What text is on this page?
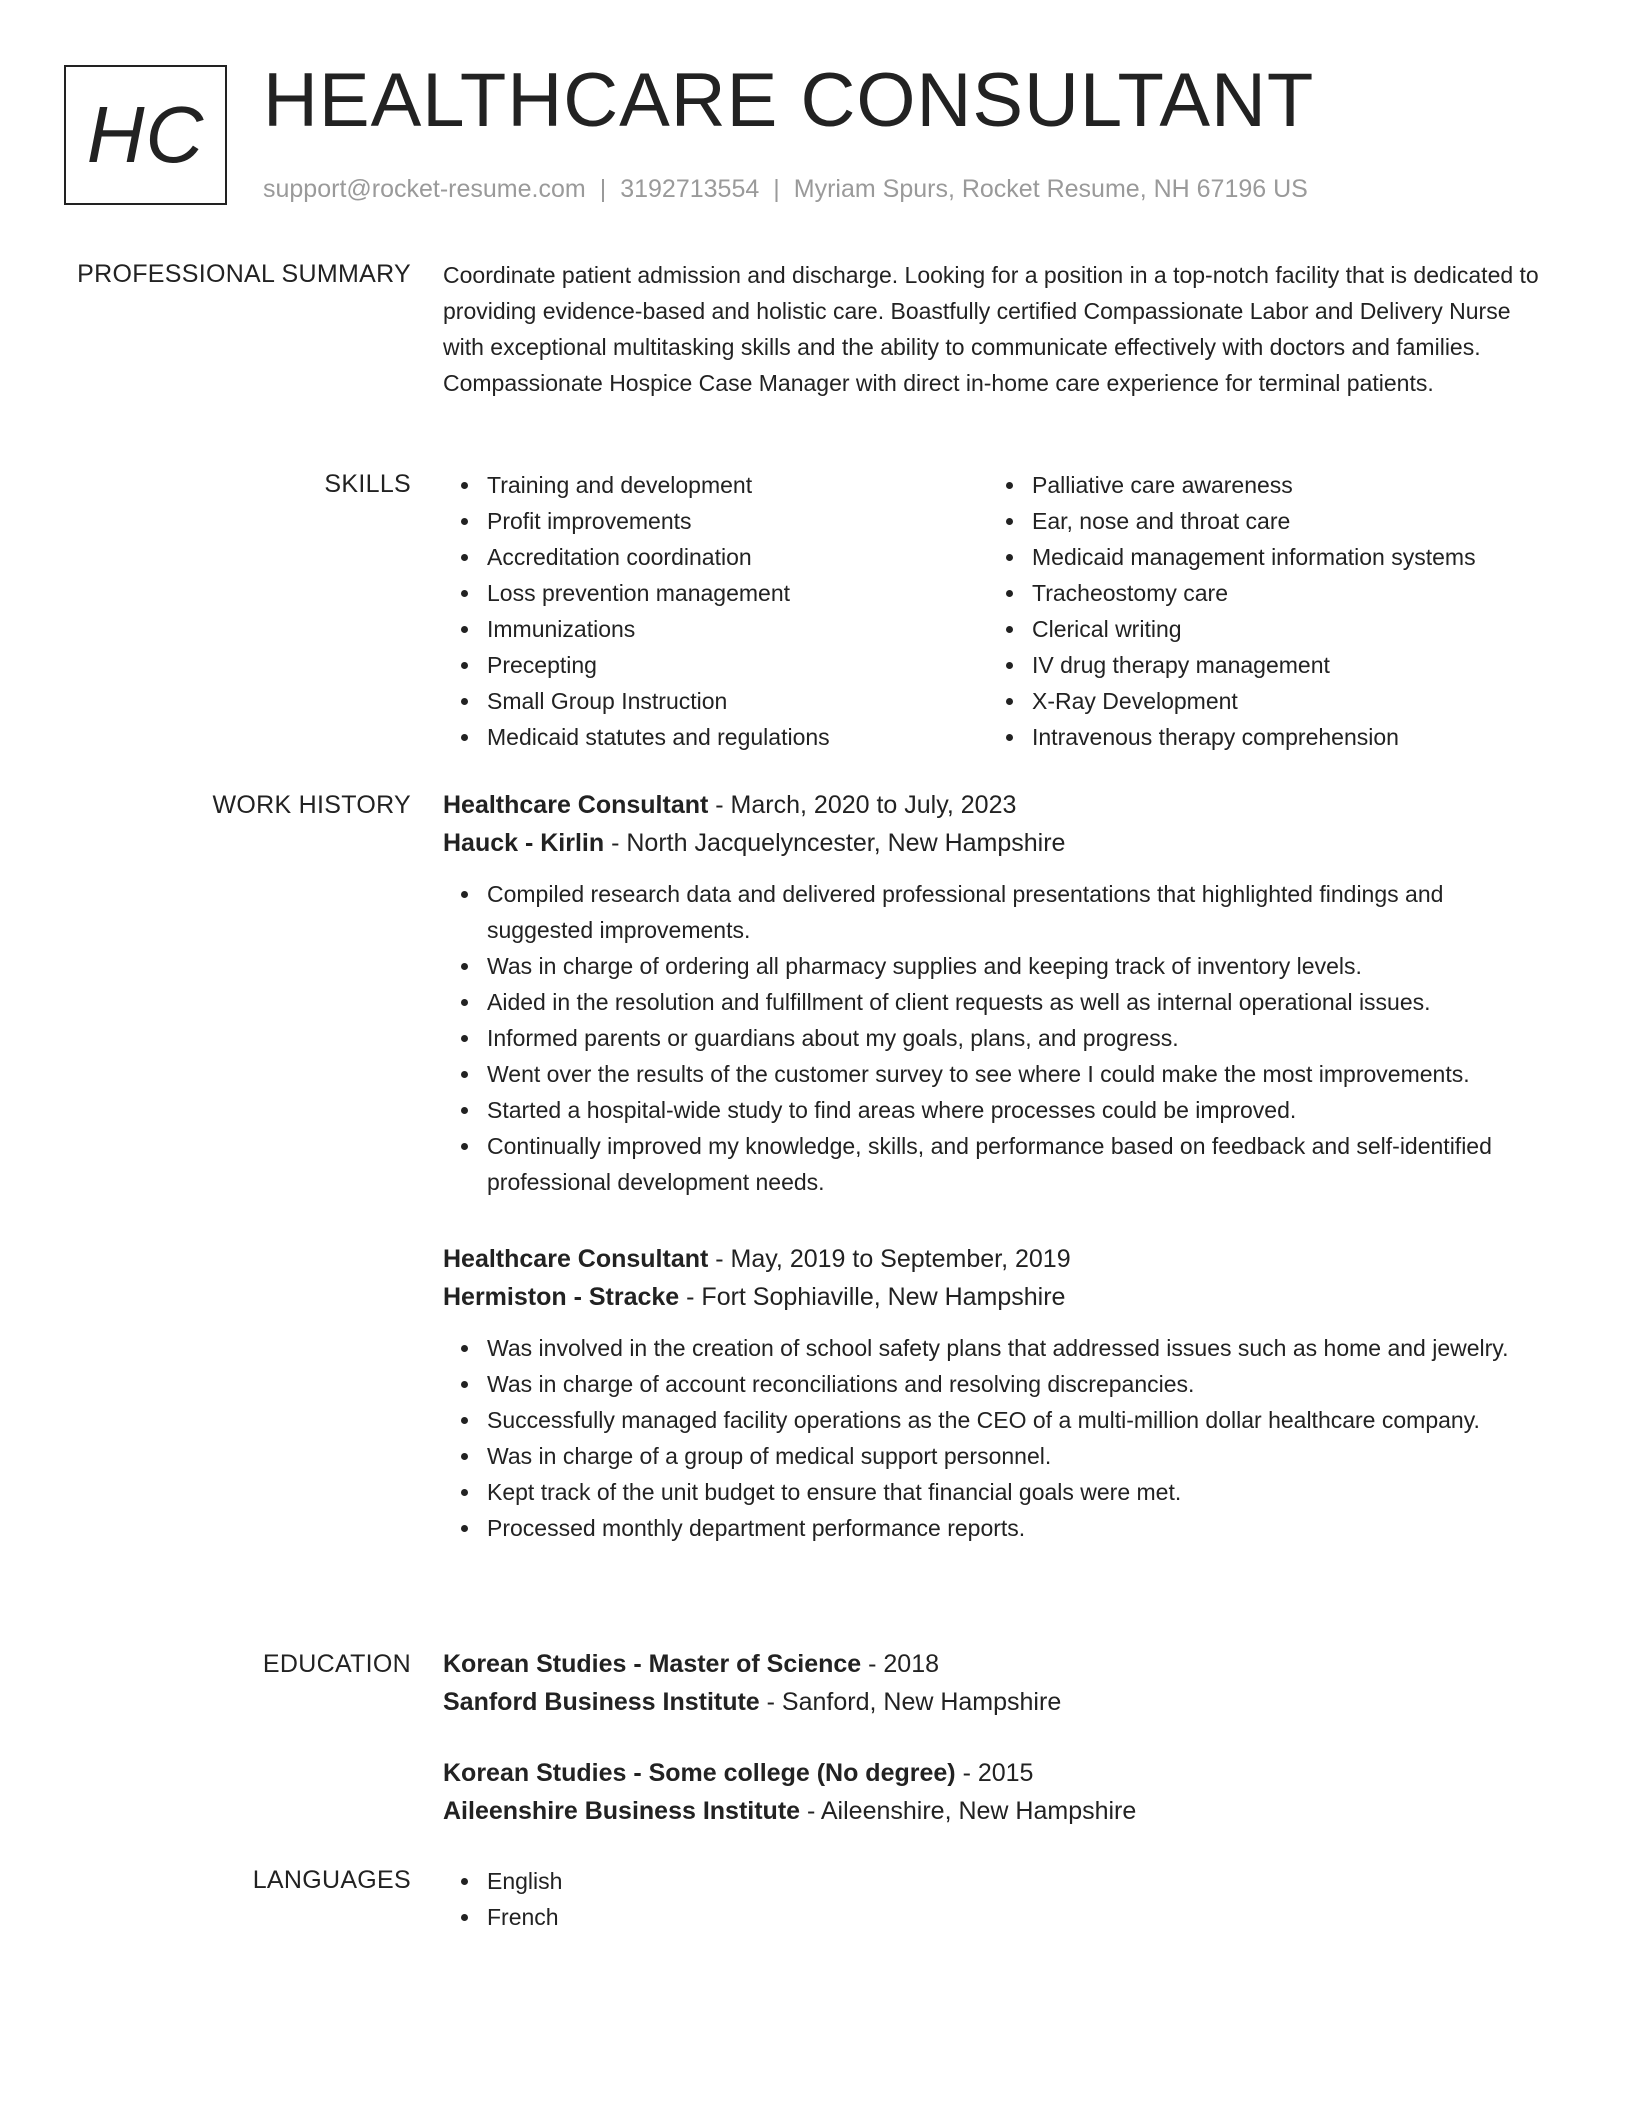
HC HEALTHCARE CONSULTANT
support@rocket-resume.com | 3192713554 | Myriam Spurs, Rocket Resume, NH 67196 US
PROFESSIONAL SUMMARY Coordinate patient admission and discharge. Looking for a position in a top-notch facility that is dedicated to providing evidence-based and holistic care. Boastfully certified Compassionate Labor and Delivery Nurse with exceptional multitasking skills and the ability to communicate effectively with doctors and families. Compassionate Hospice Case Manager with direct in-home care experience for terminal patients.

SKILLS	Training and development
Profit improvements
Accreditation coordination
Loss prevention management
Immunizations
Precepting
Small Group Instruction
Medicaid statutes and regulations
Palliative care awareness
Ear, nose and throat care
Medicaid management information systems
Tracheostomy care
Clerical writing
IV drug therapy management
X-Ray Development
Intravenous therapy comprehension
WORK HISTORY Healthcare Consultant - March, 2020 to July, 2023
Hauck - Kirlin - North Jacquelyncester, New Hampshire
Compiled research data and delivered professional presentations that highlighted findings and suggested improvements.
Was in charge of ordering all pharmacy supplies and keeping track of inventory levels.
Aided in the resolution and fulfillment of client requests as well as internal operational issues.
Informed parents or guardians about my goals, plans, and progress.
Went over the results of the customer survey to see where I could make the most improvements.
Started a hospital-wide study to find areas where processes could be improved.
Continually improved my knowledge, skills, and performance based on feedback and self-identified professional development needs.
Healthcare Consultant - May, 2019 to September, 2019
Hermiston - Stracke - Fort Sophiaville, New Hampshire
Was involved in the creation of school safety plans that addressed issues such as home and jewelry.
Was in charge of account reconciliations and resolving discrepancies.
Successfully managed facility operations as the CEO of a multi-million dollar healthcare company.
Was in charge of a group of medical support personnel.
Kept track of the unit budget to ensure that financial goals were met.
Processed monthly department performance reports.
EDUCATION Korean Studies - Master of Science - 2018
Sanford Business Institute - Sanford, New Hampshire
Korean Studies - Some college (No degree) - 2015
Aileenshire Business Institute - Aileenshire, New Hampshire
LANGUAGES	English
French
